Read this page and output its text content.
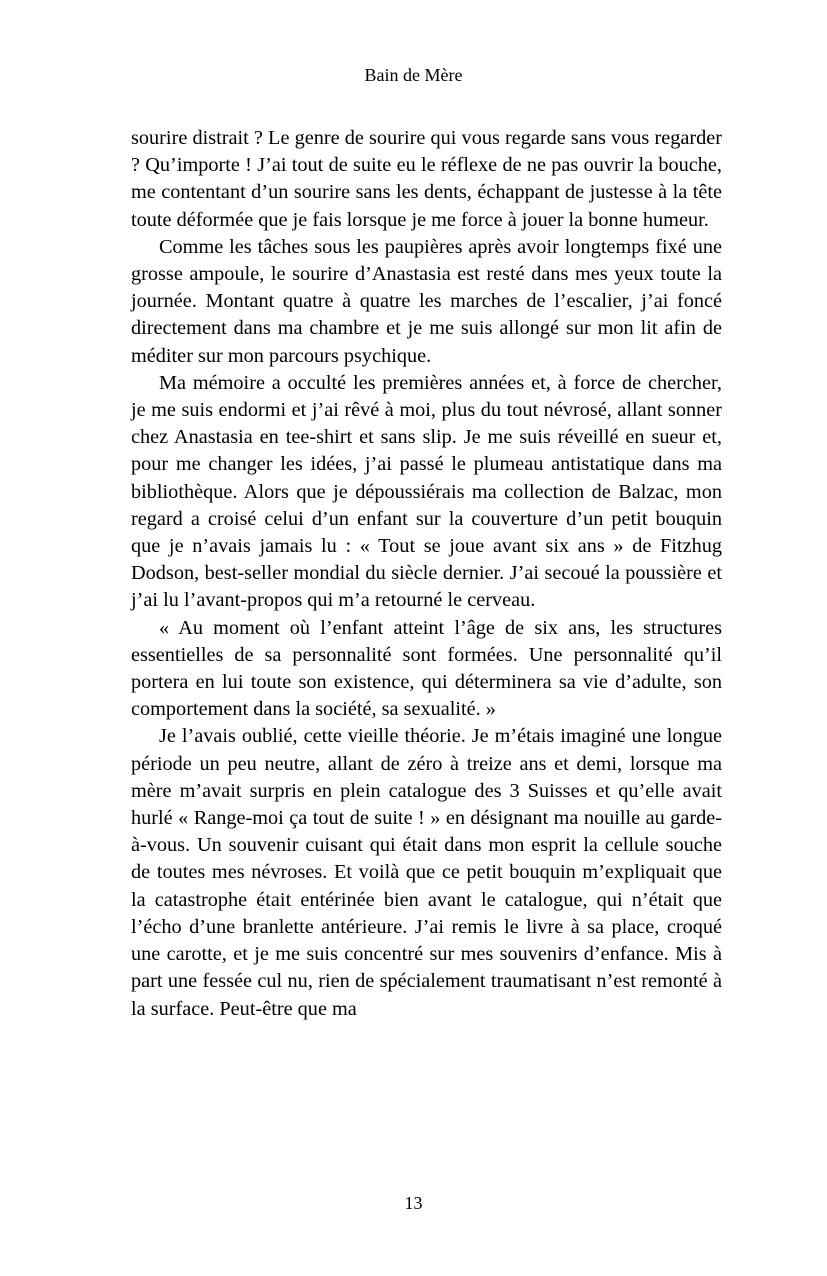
Bain de Mère

sourire distrait ? Le genre de sourire qui vous regarde sans vous regarder ? Qu’importe ! J’ai tout de suite eu le réflexe de ne pas ouvrir la bouche, me contentant d’un sourire sans les dents, échappant de justesse à la tête toute déformée que je fais lorsque je me force à jouer la bonne humeur.

Comme les tâches sous les paupières après avoir longtemps fixé une grosse ampoule, le sourire d’Anastasia est resté dans mes yeux toute la journée. Montant quatre à quatre les marches de l’escalier, j’ai foncé directement dans ma chambre et je me suis allongé sur mon lit afin de méditer sur mon parcours psychique.

Ma mémoire a occulté les premières années et, à force de chercher, je me suis endormi et j’ai rêvé à moi, plus du tout névrosé, allant sonner chez Anastasia en tee-shirt et sans slip. Je me suis réveillé en sueur et, pour me changer les idées, j’ai passé le plumeau antistatique dans ma bibliothèque. Alors que je dépoussiérais ma collection de Balzac, mon regard a croisé celui d’un enfant sur la couverture d’un petit bouquin que je n’avais jamais lu : « Tout se joue avant six ans » de Fitzhug Dodson, best-seller mondial du siècle dernier. J’ai secoué la poussière et j’ai lu l’avant-propos qui m’a retourné le cerveau.

« Au moment où l’enfant atteint l’âge de six ans, les structures essentielles de sa personnalité sont formées. Une personnalité qu’il portera en lui toute son existence, qui déterminera sa vie d’adulte, son comportement dans la société, sa sexualité. »

Je l’avais oublié, cette vieille théorie. Je m’étais imaginé une longue période un peu neutre, allant de zéro à treize ans et demi, lorsque ma mère m’avait surpris en plein catalogue des 3 Suisses et qu’elle avait hurlé « Range-moi ça tout de suite ! » en désignant ma nouille au garde-à-vous. Un souvenir cuisant qui était dans mon esprit la cellule souche de toutes mes névroses. Et voilà que ce petit bouquin m’expliquait que la catastrophe était entérinée bien avant le catalogue, qui n’était que l’écho d’une branlette antérieure. J’ai remis le livre à sa place, croqué une carotte, et je me suis concentré sur mes souvenirs d’enfance. Mis à part une fessée cul nu, rien de spécialement traumatisant n’est remonté à la surface. Peut-être que ma

13
